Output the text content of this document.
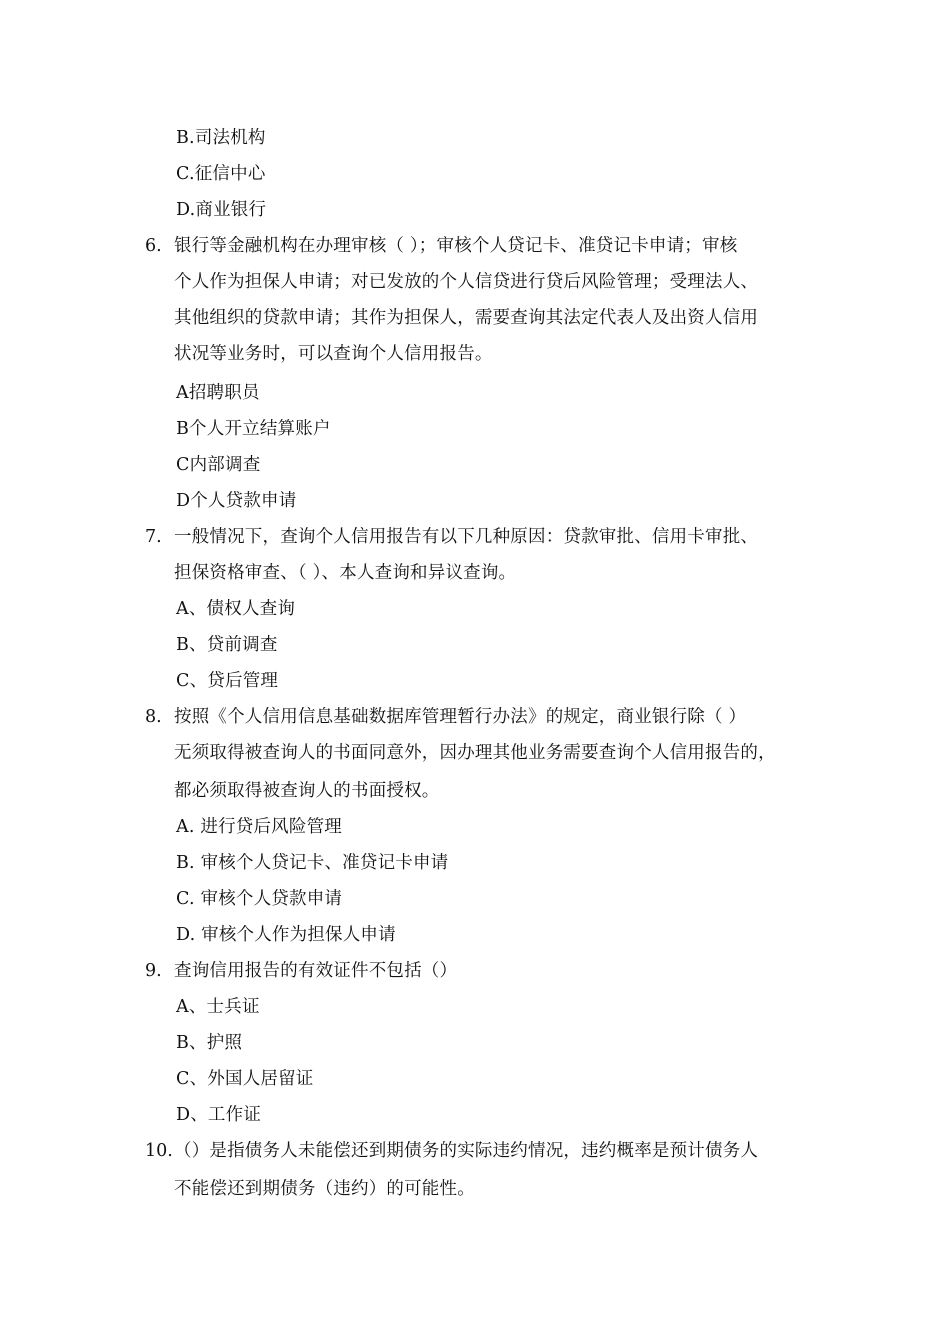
B.司法机构
C.征信中心
D.商业银行
6. 银行等金融机构在办理审核（ ）；审核个人贷记卡、准贷记卡申请；审核
个人作为担保人申请；对已发放的个人信贷进行贷后风险管理；受理法人、
其他组织的贷款申请；其作为担保人，需要查询其法定代表人及出资人信用
状况等业务时，可以查询个人信用报告。
A招聘职员
B个人开立结算账户
C内部调查
D个人贷款申请
7. 一般情况下，查询个人信用报告有以下几种原因：贷款审批、信用卡审批、
担保资格审查、（ ）、本人查询和异议查询。
A、债权人查询
B、贷前调查
C、贷后管理
8. 按照《个人信用信息基础数据库管理暂行办法》的规定，商业银行除（ ）
无须取得被查询人的书面同意外，因办理其他业务需要查询个人信用报告的，
都必须取得被查询人的书面授权。
A. 进行贷后风险管理
B. 审核个人贷记卡、准贷记卡申请
C. 审核个人贷款申请
D. 审核个人作为担保人申请
9. 查询信用报告的有效证件不包括（）
A、士兵证
B、护照
C、外国人居留证
D、工作证
10. （）是指债务人未能偿还到期债务的实际违约情况，违约概率是预计债务人
不能偿还到期债务（违约）的可能性。
